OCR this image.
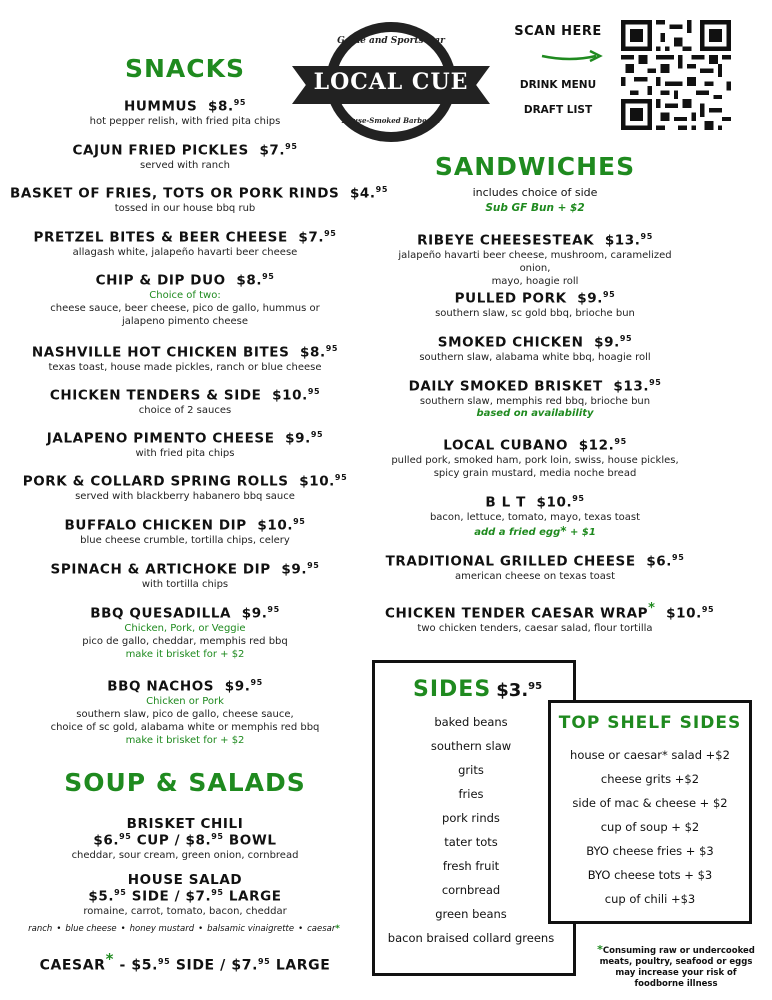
Game and Sports Bar
LOCAL CUE
House-Smoked Barbecue
SCAN HERE
DRINK MENU
DRAFT LIST
SNACKS
HUMMUS $8.95
hot pepper relish, with fried pita chips
CAJUN FRIED PICKLES $7.95
served with ranch
BASKET OF FRIES, TOTS OR PORK RINDS $4.95
tossed in our house bbq rub
PRETZEL BITES & BEER CHEESE $7.95
allagash white, jalapeño havarti beer cheese
CHIP & DIP DUO $8.95
Choice of two:
cheese sauce, beer cheese, pico de gallo, hummus or
jalapeno pimento cheese
NASHVILLE HOT CHICKEN BITES $8.95
texas toast, house made pickles, ranch or blue cheese
CHICKEN TENDERS & SIDE $10.95
choice of 2 sauces
JALAPENO PIMENTO CHEESE $9.95
with fried pita chips
PORK & COLLARD SPRING ROLLS $10.95
served with blackberry habanero bbq sauce
BUFFALO CHICKEN DIP $10.95
blue cheese crumble, tortilla chips, celery
SPINACH & ARTICHOKE DIP $9.95
with tortilla chips
BBQ QUESADILLA $9.95
Chicken, Pork, or Veggie
pico de gallo, cheddar, memphis red bbq
make it brisket for + $2
BBQ NACHOS $9.95
Chicken or Pork
southern slaw, pico de gallo, cheese sauce,
choice of sc gold, alabama white or memphis red bbq
make it brisket for + $2
SOUP & SALADS
BRISKET CHILI
$6.95 CUP / $8.95 BOWL
cheddar, sour cream, green onion, cornbread
HOUSE SALAD
$5.95 SIDE / $7.95 LARGE
romaine, carrot, tomato, bacon, cheddar
ranch • blue cheese • honey mustard • balsamic vinaigrette • caesar*
CAESAR* - $5.95 SIDE / $7.95 LARGE
SANDWICHES
includes choice of side
Sub GF Bun + $2
RIBEYE CHEESESTEAK $13.95
jalapeño havarti beer cheese, mushroom, caramelized onion,
mayo, hoagie roll
PULLED PORK $9.95
southern slaw, sc gold bbq, brioche bun
SMOKED CHICKEN $9.95
southern slaw, alabama white bbq, hoagie roll
DAILY SMOKED BRISKET $13.95
southern slaw, memphis red bbq, brioche bun
based on availability
LOCAL CUBANO $12.95
pulled pork, smoked ham, pork loin, swiss, house pickles,
spicy grain mustard, media noche bread
B L T $10.95
bacon, lettuce, tomato, mayo, texas toast
add a fried egg* + $1
TRADITIONAL GRILLED CHEESE $6.95
american cheese on texas toast
CHICKEN TENDER CAESAR WRAP* $10.95
two chicken tenders, caesar salad, flour tortilla
SIDES $3.95
baked beans
southern slaw
grits
fries
pork rinds
tater tots
fresh fruit
cornbread
green beans
bacon braised collard greens
TOP SHELF SIDES
house or caesar* salad +$2
cheese grits +$2
side of mac & cheese + $2
cup of soup + $2
BYO cheese fries + $3
BYO cheese tots + $3
cup of chili +$3
*Consuming raw or undercooked meats, poultry, seafood or eggs may increase your risk of foodborne illness
